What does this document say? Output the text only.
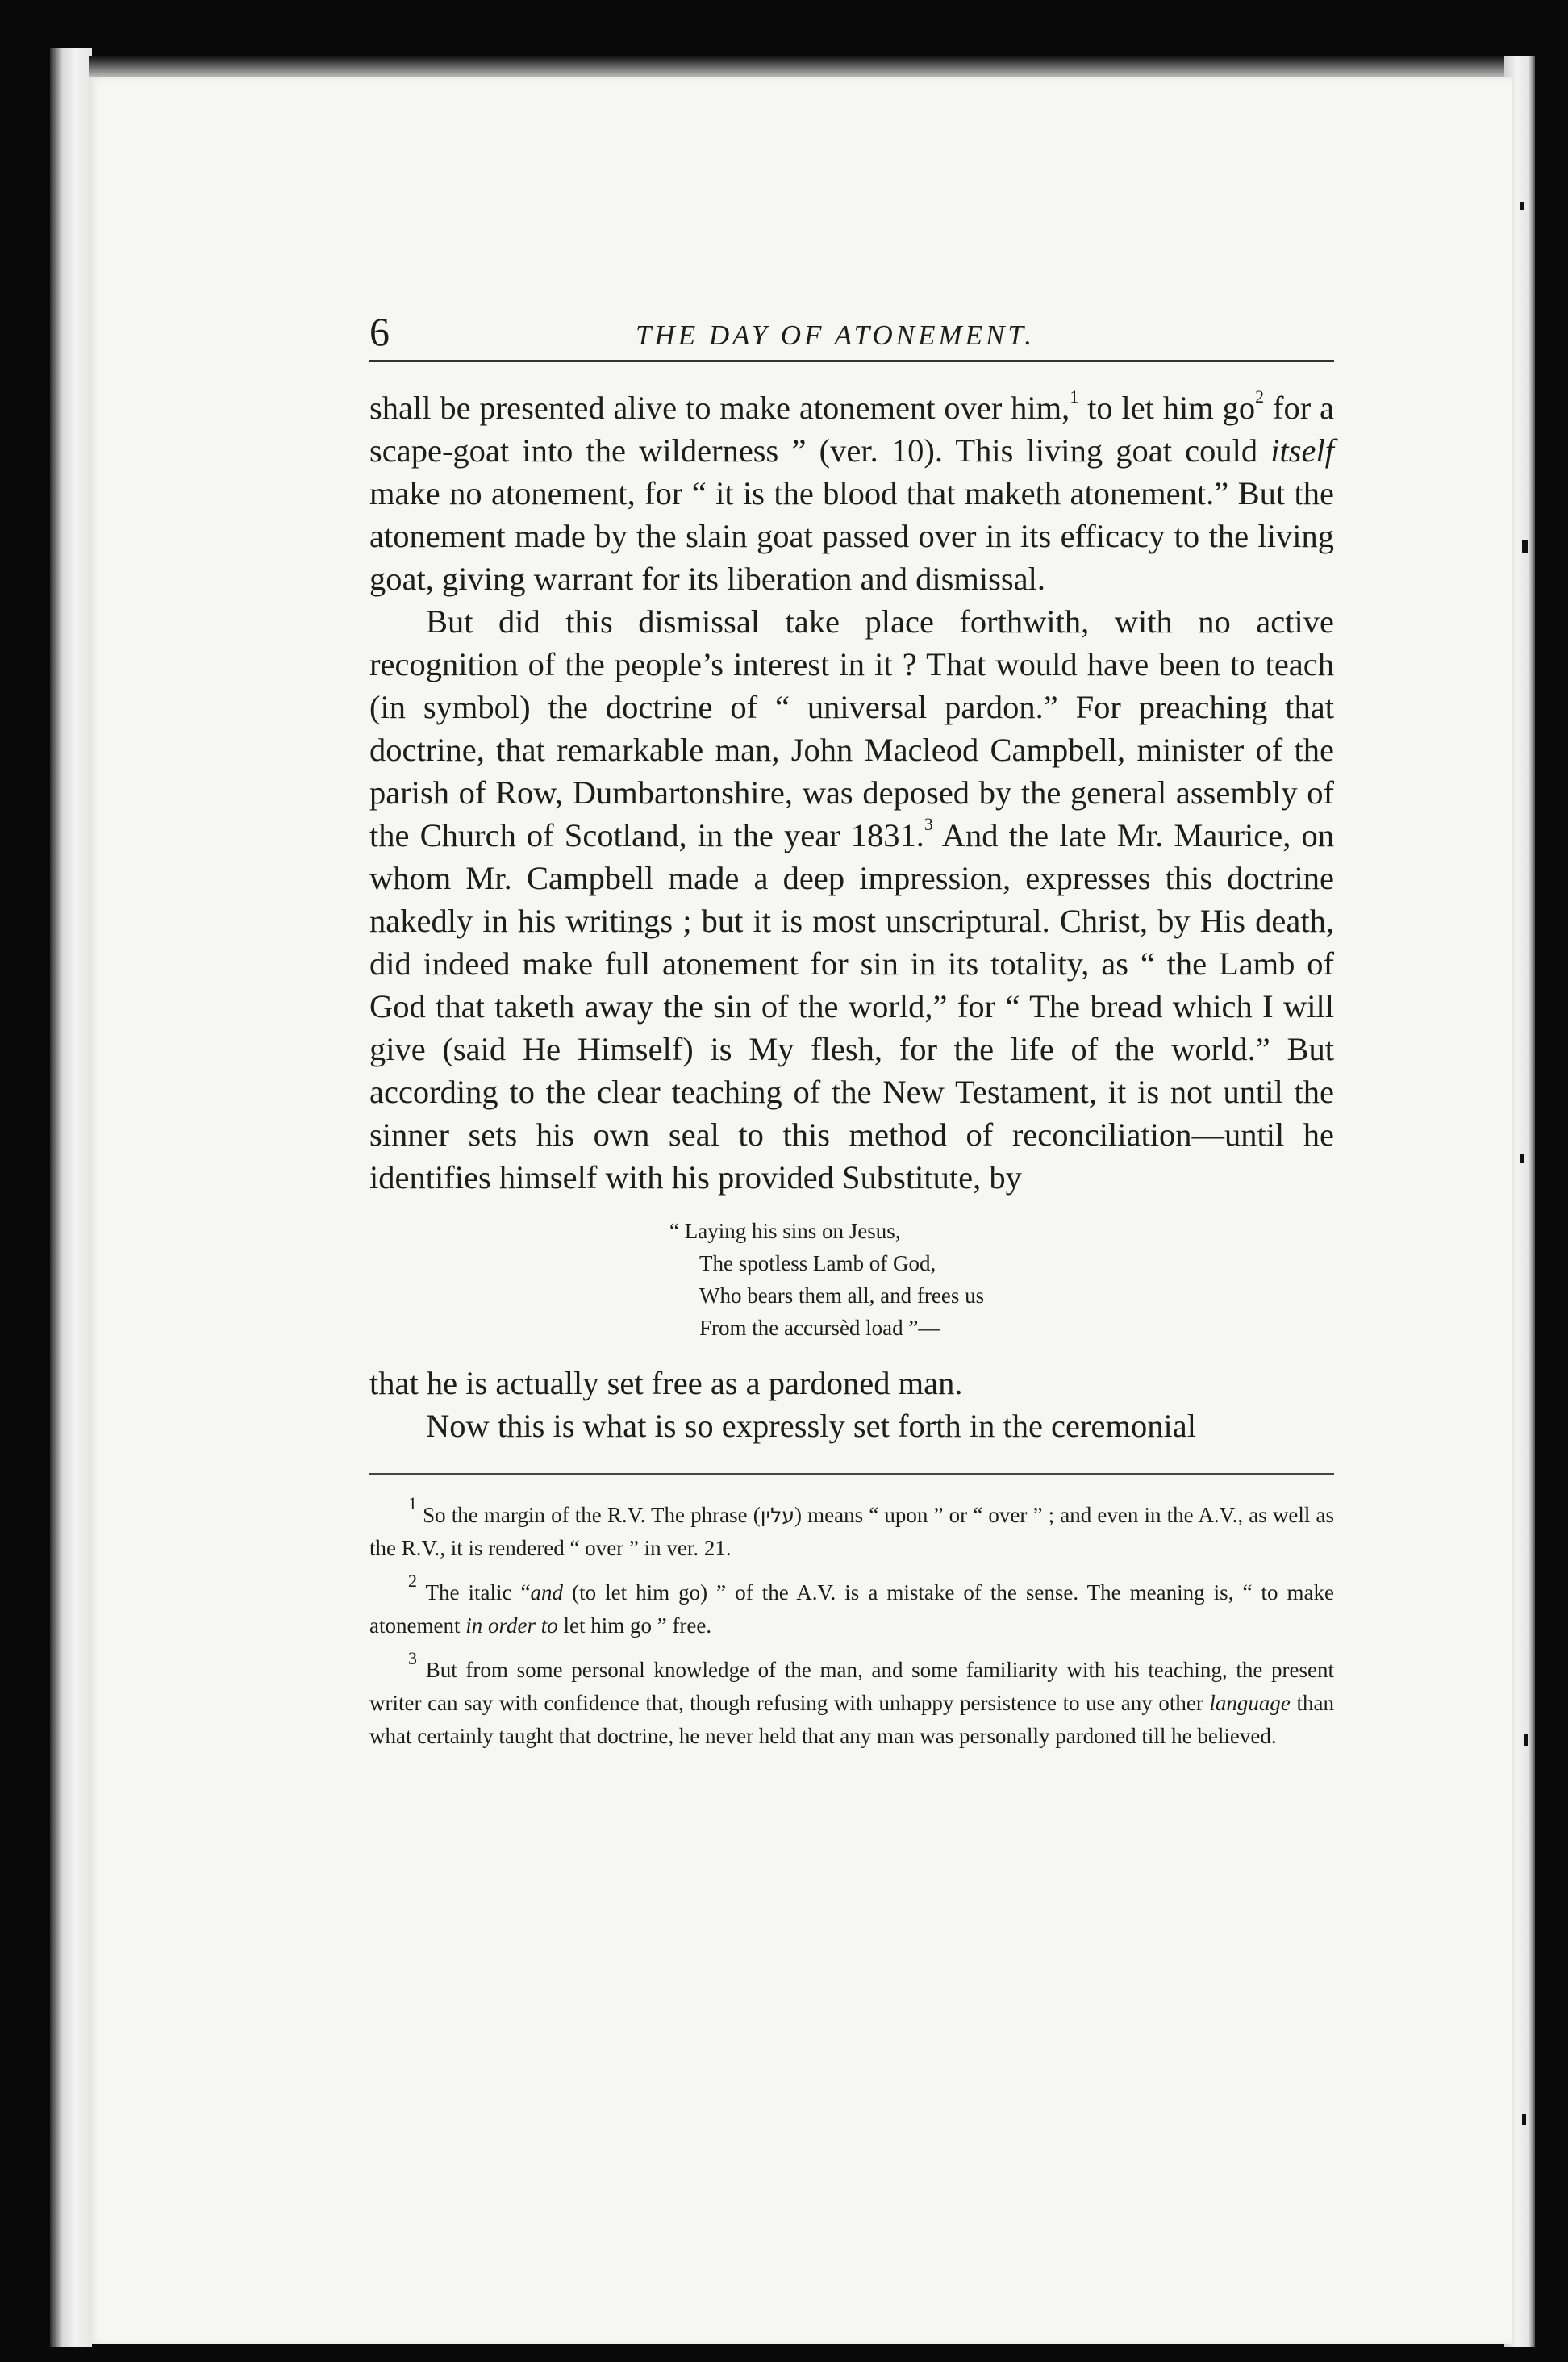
6	THE DAY OF ATONEMENT.

shall be presented alive to make atonement over him,$^1$ to let him $go^2$ for a scape-goat into the wilderness ” (ver. 10). This living goat could itself make no atonement, for “ it is the blood that maketh atonement.” But the atonement made by the slain goat passed over in its efficacy to the living goat, giving warrant for its liberation and dismissal.

But did this dismissal take place forthwith, with no active recognition of the people’s interest in it ? That would have been to teach (in symbol) the doctrine of “ universal pardon.” For preaching that doctrine, that remarkable man, John Macleod Campbell, minister of the parish of Row, Dumbartonshire, was deposed by the general assembly of the Church of Scotland, in the year 1831.$^3$ And the late Mr. Maurice, on whom Mr. Campbell made a deep impression, expresses this doctrine nakedly in his writings ; but it is most unscriptural. Christ, by His death, did indeed make full atonement for sin in its totality, as “ the Lamb of God that taketh away the sin of the world,” for “ The bread which I will give (said He Himself) is My flesh, for the life of the world.” But according to the clear teaching of the New Testament, it is not until the sinner sets his own seal to this method of reconciliation—until he identifies himself with his provided Substitute, by

“ Laying his sins on Jesus,
The spotless Lamb of God,
Who bears them all, and frees us
From the accursèd load ”—

that he is actually set free as a pardoned man.

Now this is what is so expressly set forth in the ceremonial

$^1$ So the margin of the R.V. The phrase (עלין) means “ upon ” or “ over ” ; and even in the A.V., as well as the R.V., it is rendered “ over ” in ver. 21.

$^2$ The italic “and (to let him go) ” of the A.V. is a mistake of the sense. The meaning is, “ to make atonement in order to let him go ” free.

$^3$ But from some personal knowledge of the man, and some familiarity with his teaching, the present writer can say with confidence that, though refusing with unhappy persistence to use any other language than what certainly taught that doctrine, he never held that any man was personally pardoned till he believed.
